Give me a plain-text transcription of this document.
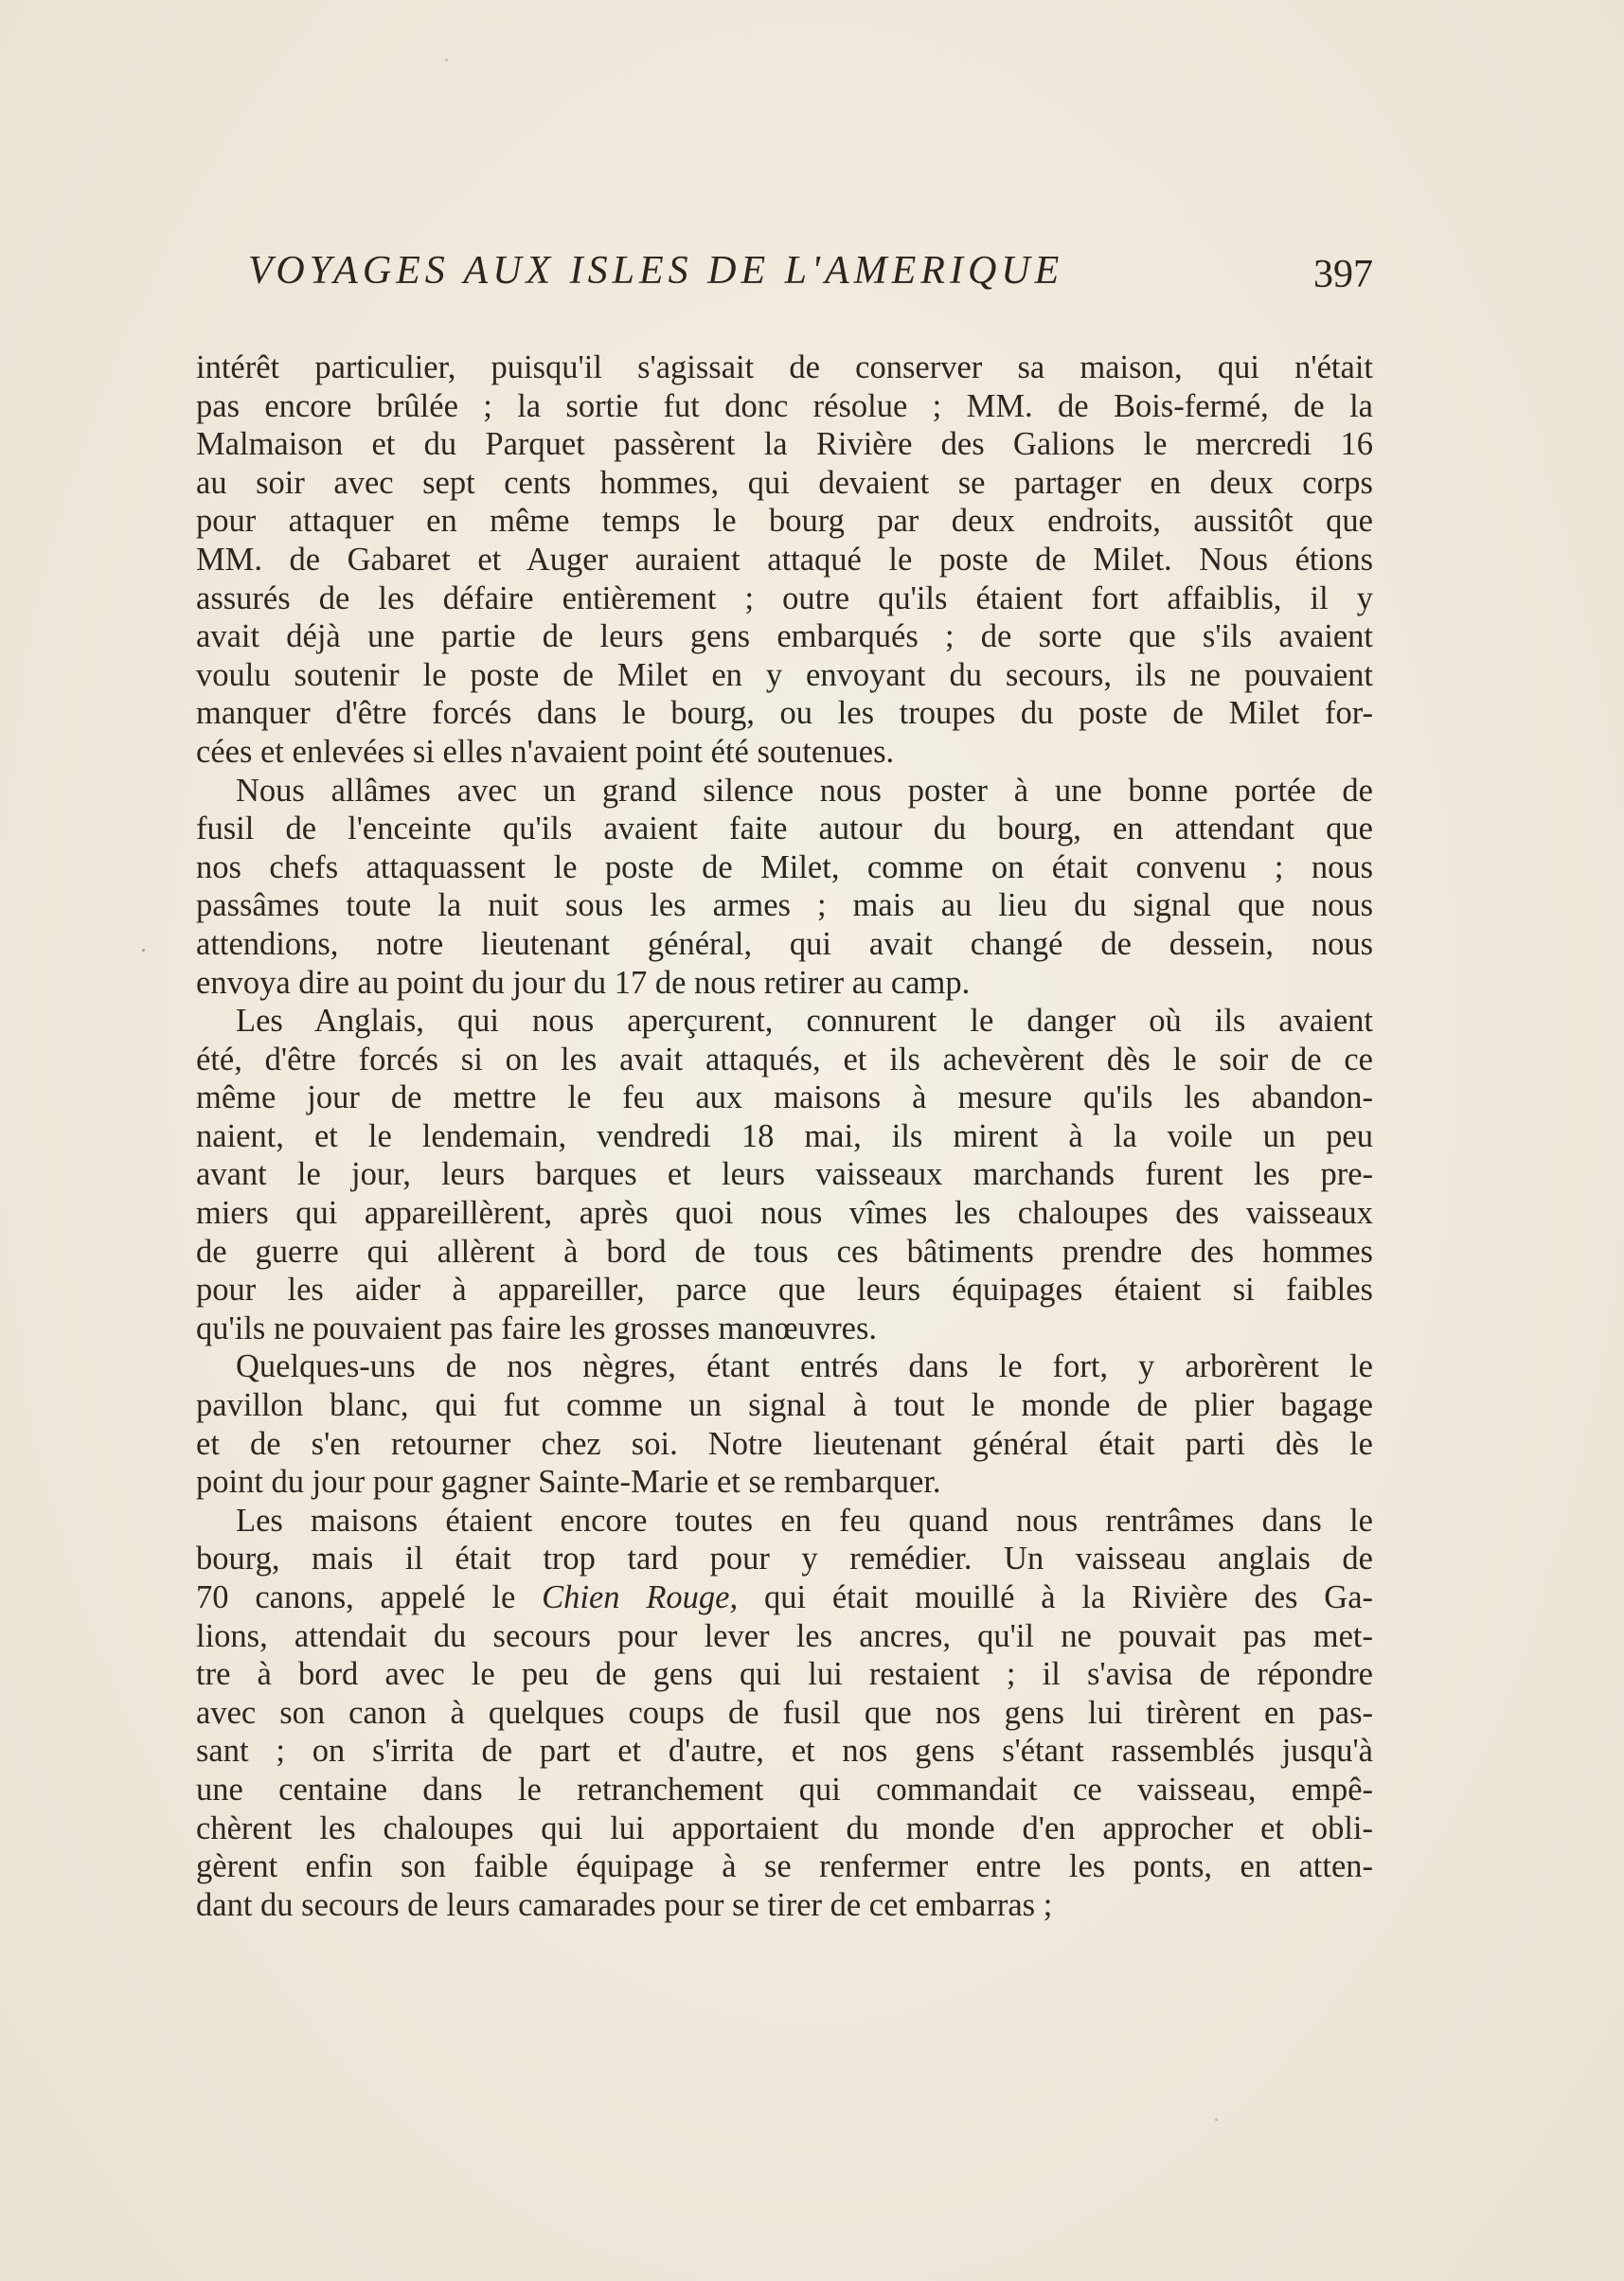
VOYAGES AUX ISLES DE L'AMERIQUE	397
intérêt particulier, puisqu'il s'agissait de conserver sa maison, qui n'était
pas encore brûlée ; la sortie fut donc résolue ; MM. de Bois-fermé, de la
Malmaison et du Parquet passèrent la Rivière des Galions le mercredi 16
au soir avec sept cents hommes, qui devaient se partager en deux corps
pour attaquer en même temps le bourg par deux endroits, aussitôt que
MM. de Gabaret et Auger auraient attaqué le poste de Milet. Nous étions
assurés de les défaire entièrement ; outre qu'ils étaient fort affaiblis, il y
avait déjà une partie de leurs gens embarqués ; de sorte que s'ils avaient
voulu soutenir le poste de Milet en y envoyant du secours, ils ne pouvaient
manquer d'être forcés dans le bourg, ou les troupes du poste de Milet for-
cées et enlevées si elles n'avaient point été soutenues.
Nous allâmes avec un grand silence nous poster à une bonne portée de
fusil de l'enceinte qu'ils avaient faite autour du bourg, en attendant que
nos chefs attaquassent le poste de Milet, comme on était convenu ; nous
passâmes toute la nuit sous les armes ; mais au lieu du signal que nous
attendions, notre lieutenant général, qui avait changé de dessein, nous
envoya dire au point du jour du 17 de nous retirer au camp.
Les Anglais, qui nous aperçurent, connurent le danger où ils avaient
été, d'être forcés si on les avait attaqués, et ils achevèrent dès le soir de ce
même jour de mettre le feu aux maisons à mesure qu'ils les abandon-
naient, et le lendemain, vendredi 18 mai, ils mirent à la voile un peu
avant le jour, leurs barques et leurs vaisseaux marchands furent les pre-
miers qui appareillèrent, après quoi nous vîmes les chaloupes des vaisseaux
de guerre qui allèrent à bord de tous ces bâtiments prendre des hommes
pour les aider à appareiller, parce que leurs équipages étaient si faibles
qu'ils ne pouvaient pas faire les grosses manœuvres.
Quelques-uns de nos nègres, étant entrés dans le fort, y arborèrent le
pavillon blanc, qui fut comme un signal à tout le monde de plier bagage
et de s'en retourner chez soi. Notre lieutenant général était parti dès le
point du jour pour gagner Sainte-Marie et se rembarquer.
Les maisons étaient encore toutes en feu quand nous rentrâmes dans le
bourg, mais il était trop tard pour y remédier. Un vaisseau anglais de
70 canons, appelé le Chien Rouge, qui était mouillé à la Rivière des Ga-
lions, attendait du secours pour lever les ancres, qu'il ne pouvait pas met-
tre à bord avec le peu de gens qui lui restaient ; il s'avisa de répondre
avec son canon à quelques coups de fusil que nos gens lui tirèrent en pas-
sant ; on s'irrita de part et d'autre, et nos gens s'étant rassemblés jusqu'à
une centaine dans le retranchement qui commandait ce vaisseau, empê-
chèrent les chaloupes qui lui apportaient du monde d'en approcher et obli-
gèrent enfin son faible équipage à se renfermer entre les ponts, en atten-
dant du secours de leurs camarades pour se tirer de cet embarras ;
